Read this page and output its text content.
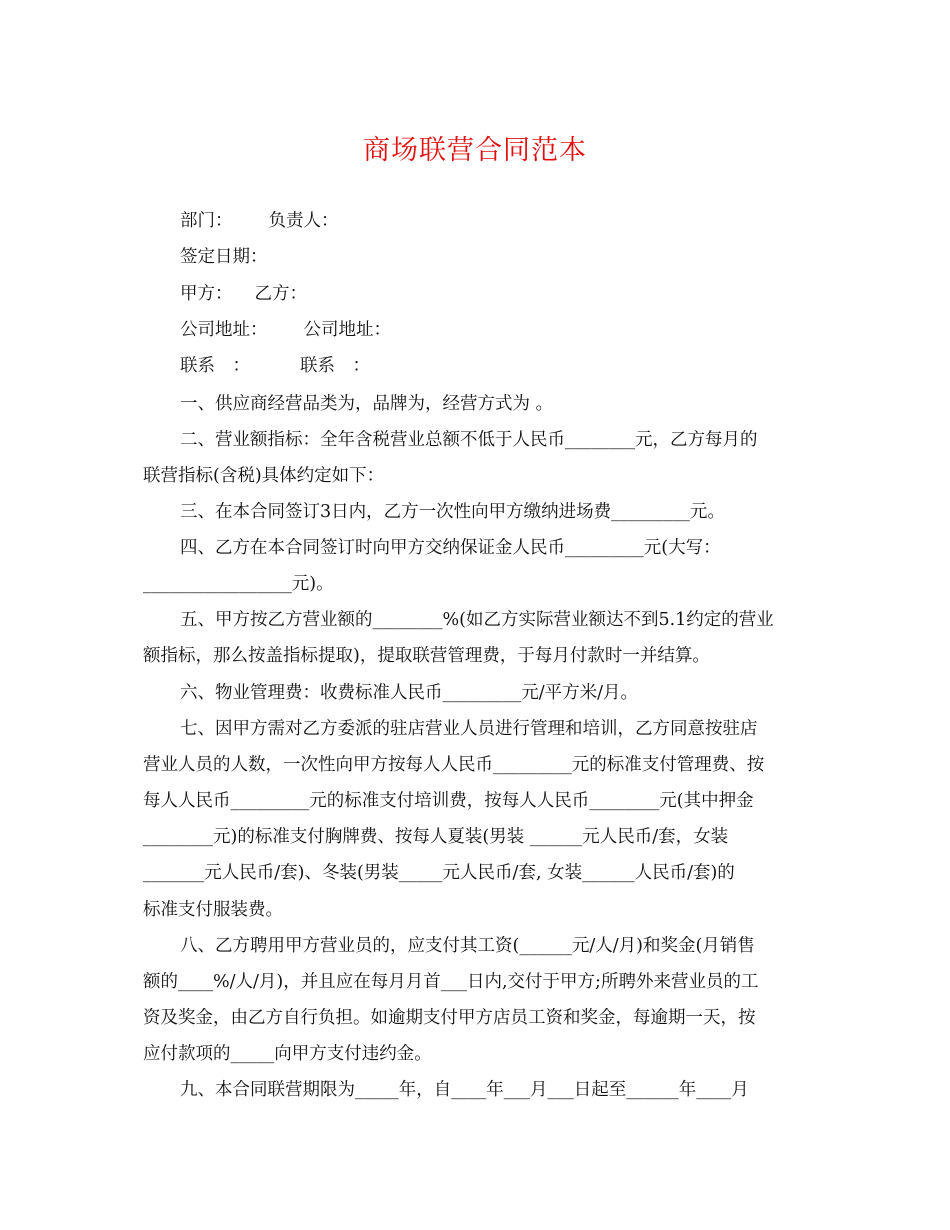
商场联营合同范本
部门： 负责人：
签定日期：
甲方： 乙方：
公司地址： 公司地址：
联系　：	联系　：
一、供应商经营品类为，品牌为，经营方式为 。
二、营业额指标：全年含税营业总额不低于人民币________元，乙方每月的
联营指标(含税)具体约定如下：
三、在本合同签订3日内，乙方一次性向甲方缴纳进场费_________元。
四、乙方在本合同签订时向甲方交纳保证金人民币_________元(大写：
_________________元)。
五、甲方按乙方营业额的________%(如乙方实际营业额达不到5.1约定的营业
额指标，那么按盖指标提取)，提取联营管理费，于每月付款时一并结算。
六、物业管理费：收费标准人民币_________元/平方米/月。
七、因甲方需对乙方委派的驻店营业人员进行管理和培训，乙方同意按驻店
营业人员的人数，一次性向甲方按每人人民币_________元的标准支付管理费、按
每人人民币_________元的标准支付培训费，按每人人民币________元(其中押金
________元)的标准支付胸牌费、按每人夏装(男装 ______元人民币/套，女装
_______元人民币/套)、冬装(男装_____元人民币/套, 女装______人民币/套)的
标准支付服装费。
八、乙方聘用甲方营业员的，应支付其工资(______元/人/月)和奖金(月销售
额的____%/人/月)，并且应在每月月首___日内,交付于甲方;所聘外来营业员的工
资及奖金，由乙方自行负担。如逾期支付甲方店员工资和奖金，每逾期一天，按
应付款项的_____向甲方支付违约金。
九、本合同联营期限为_____年，自____年___月___日起至______年____月
